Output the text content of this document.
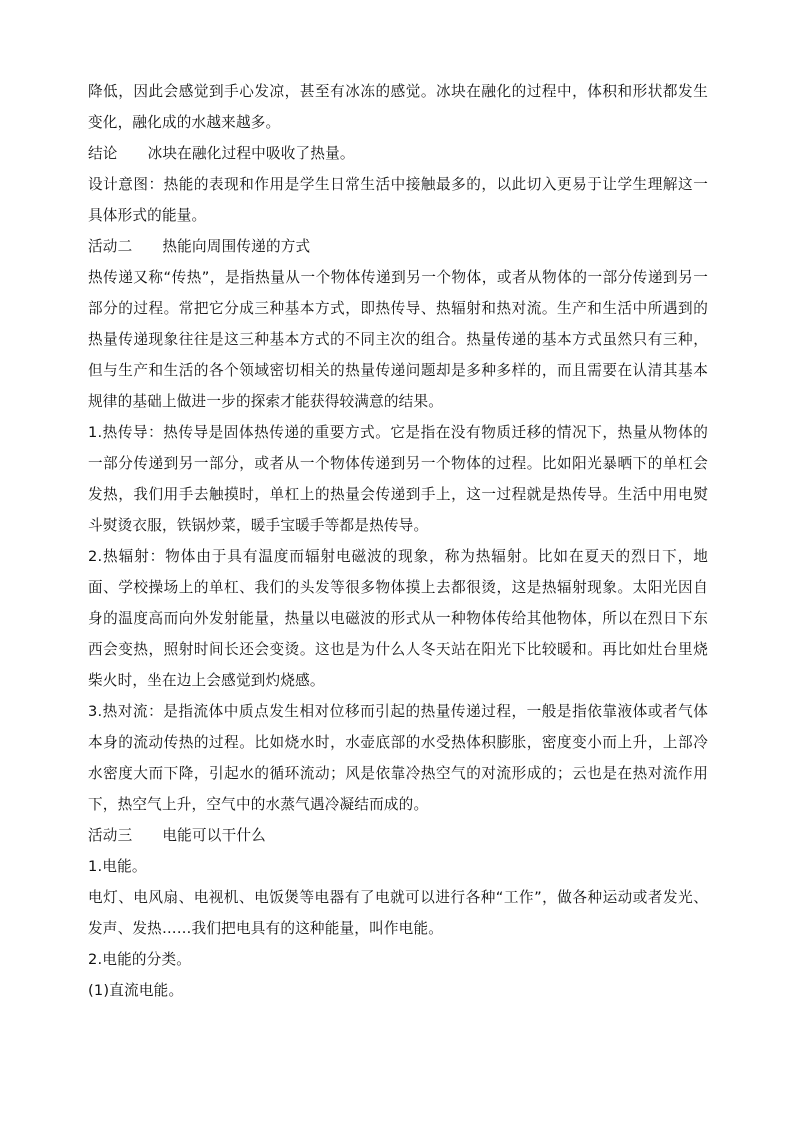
降低，因此会感觉到手心发凉，甚至有冰冻的感觉。冰块在融化的过程中，体积和形状都发生变化，融化成的水越来越多。

结论 冰块在融化过程中吸收了热量。

设计意图：热能的表现和作用是学生日常生活中接触最多的，以此切入更易于让学生理解这一具体形式的能量。

活动二 热能向周围传递的方式

热传递又称“传热”，是指热量从一个物体传递到另一个物体，或者从物体的一部分传递到另一部分的过程。常把它分成三种基本方式，即热传导、热辐射和热对流。生产和生活中所遇到的热量传递现象往往是这三种基本方式的不同主次的组合。热量传递的基本方式虽然只有三种，但与生产和生活的各个领域密切相关的热量传递问题却是多种多样的，而且需要在认清其基本规律的基础上做进一步的探索才能获得较满意的结果。

1.热传导：热传导是固体热传递的重要方式。它是指在没有物质迁移的情况下，热量从物体的一部分传递到另一部分，或者从一个物体传递到另一个物体的过程。比如阳光暴晒下的单杠会发热，我们用手去触摸时，单杠上的热量会传递到手上，这一过程就是热传导。生活中用电熨斗熨烫衣服，铁锅炒菜，暖手宝暖手等都是热传导。

2.热辐射：物体由于具有温度而辐射电磁波的现象，称为热辐射。比如在夏天的烈日下，地面、学校操场上的单杠、我们的头发等很多物体摸上去都很烫，这是热辐射现象。太阳光因自身的温度高而向外发射能量，热量以电磁波的形式从一种物体传给其他物体，所以在烈日下东西会变热，照射时间长还会变烫。这也是为什么人冬天站在阳光下比较暖和。再比如灶台里烧柴火时，坐在边上会感觉到灼烧感。

3.热对流：是指流体中质点发生相对位移而引起的热量传递过程，一般是指依靠液体或者气体本身的流动传热的过程。比如烧水时，水壶底部的水受热体积膨胀，密度变小而上升，上部冷水密度大而下降，引起水的循环流动；风是依靠冷热空气的对流形成的；云也是在热对流作用下，热空气上升，空气中的水蒸气遇冷凝结而成的。

活动三 电能可以干什么

1.电能。

电灯、电风扇、电视机、电饭煲等电器有了电就可以进行各种“工作”，做各种运动或者发光、发声、发热……我们把电具有的这种能量，叫作电能。

2.电能的分类。

(1)直流电能。
